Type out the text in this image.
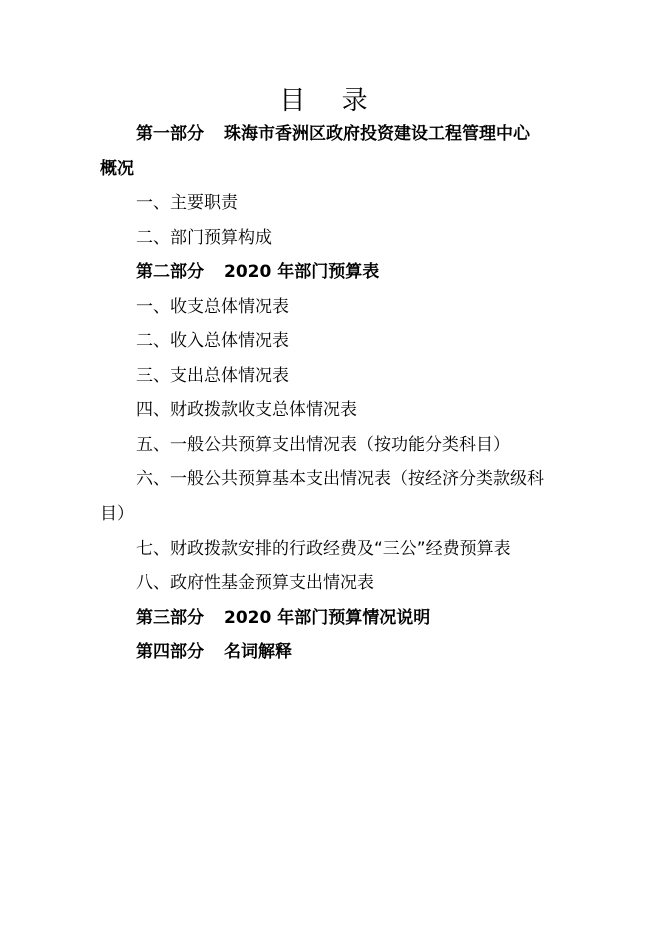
目 录
第一部分 珠海市香洲区政府投资建设工程管理中心
概况
一、主要职责
二、部门预算构成
第二部分 2020 年部门预算表
一、收支总体情况表
二、收入总体情况表
三、支出总体情况表
四、财政拨款收支总体情况表
五、一般公共预算支出情况表（按功能分类科目）
六、一般公共预算基本支出情况表（按经济分类款级科
目）
七、财政拨款安排的行政经费及“三公”经费预算表
八、政府性基金预算支出情况表
第三部分 2020 年部门预算情况说明
第四部分 名词解释
